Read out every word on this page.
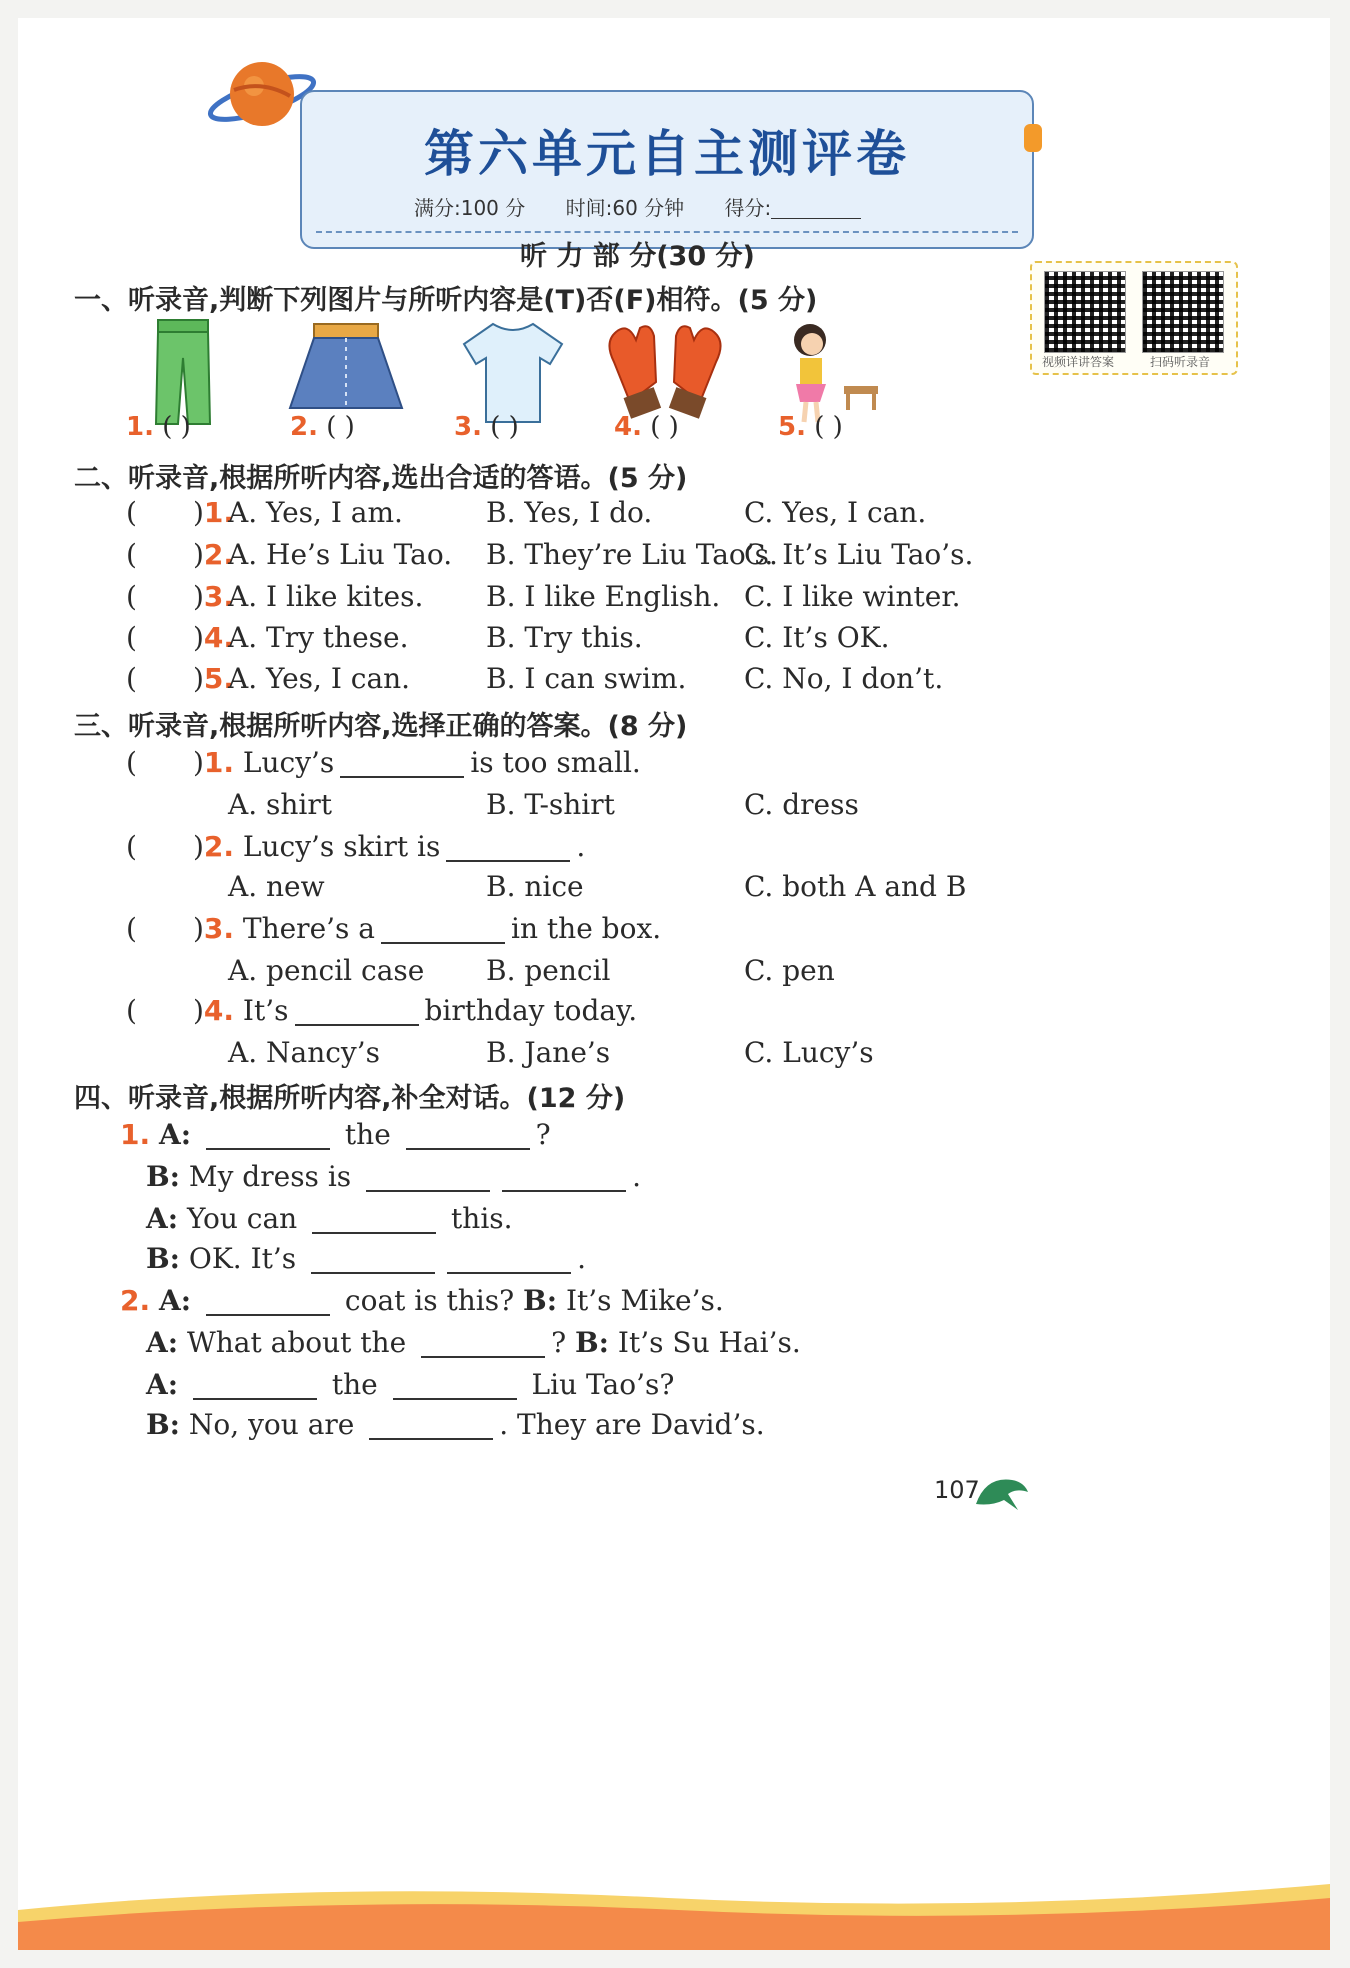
第六单元自主测评卷
满分:100 分 时间:60 分钟 得分:
视频详讲答案	扫码听录音
听 力 部 分(30 分)
一、听录音,判断下列图片与所听内容是(T)否(F)相符。(5 分)
1. ( )	2. ( )	3. ( )	4. ( )	5. ( )
二、听录音,根据所听内容,选出合适的答语。(5 分)
( )1.
A. Yes, I am.	B. Yes, I do.	C. Yes, I can.
( )2.
A. He’s Liu Tao. B. They’re Liu Tao’s.
C. It’s Liu Tao’s.
( )3.
A. I like kites. B. I like English. C. I like winter.
( )4.
A. Try these.	B. Try this.	C. It’s OK.
( )5.
A. Yes, I can.	B. I can swim. C. No, I don’t.
三、听录音,根据所听内容,选择正确的答案。(8 分)
( )1. Lucy’s	is too small.
A. shirt	B. T-shirt	C. dress
( )2. Lucy’s skirt is	.
A. new	B. nice	C. both A and B
( )3. There’s a	in the box.
A. pencil case B. pencil	C. pen
( )4. It’s	birthday today.
A. Nancy’s	B. Jane’s	C. Lucy’s
四、听录音,根据所听内容,补全对话。(12 分)
1. A:	the	?
B: My dress is	.
A: You can	this.
B: OK. It’s	.
2. A:	coat is this? B: It’s Mike’s.
A: What about the	? B: It’s Su Hai’s.
A:	the	Liu Tao’s?
B: No, you are	. They are David’s.
107
